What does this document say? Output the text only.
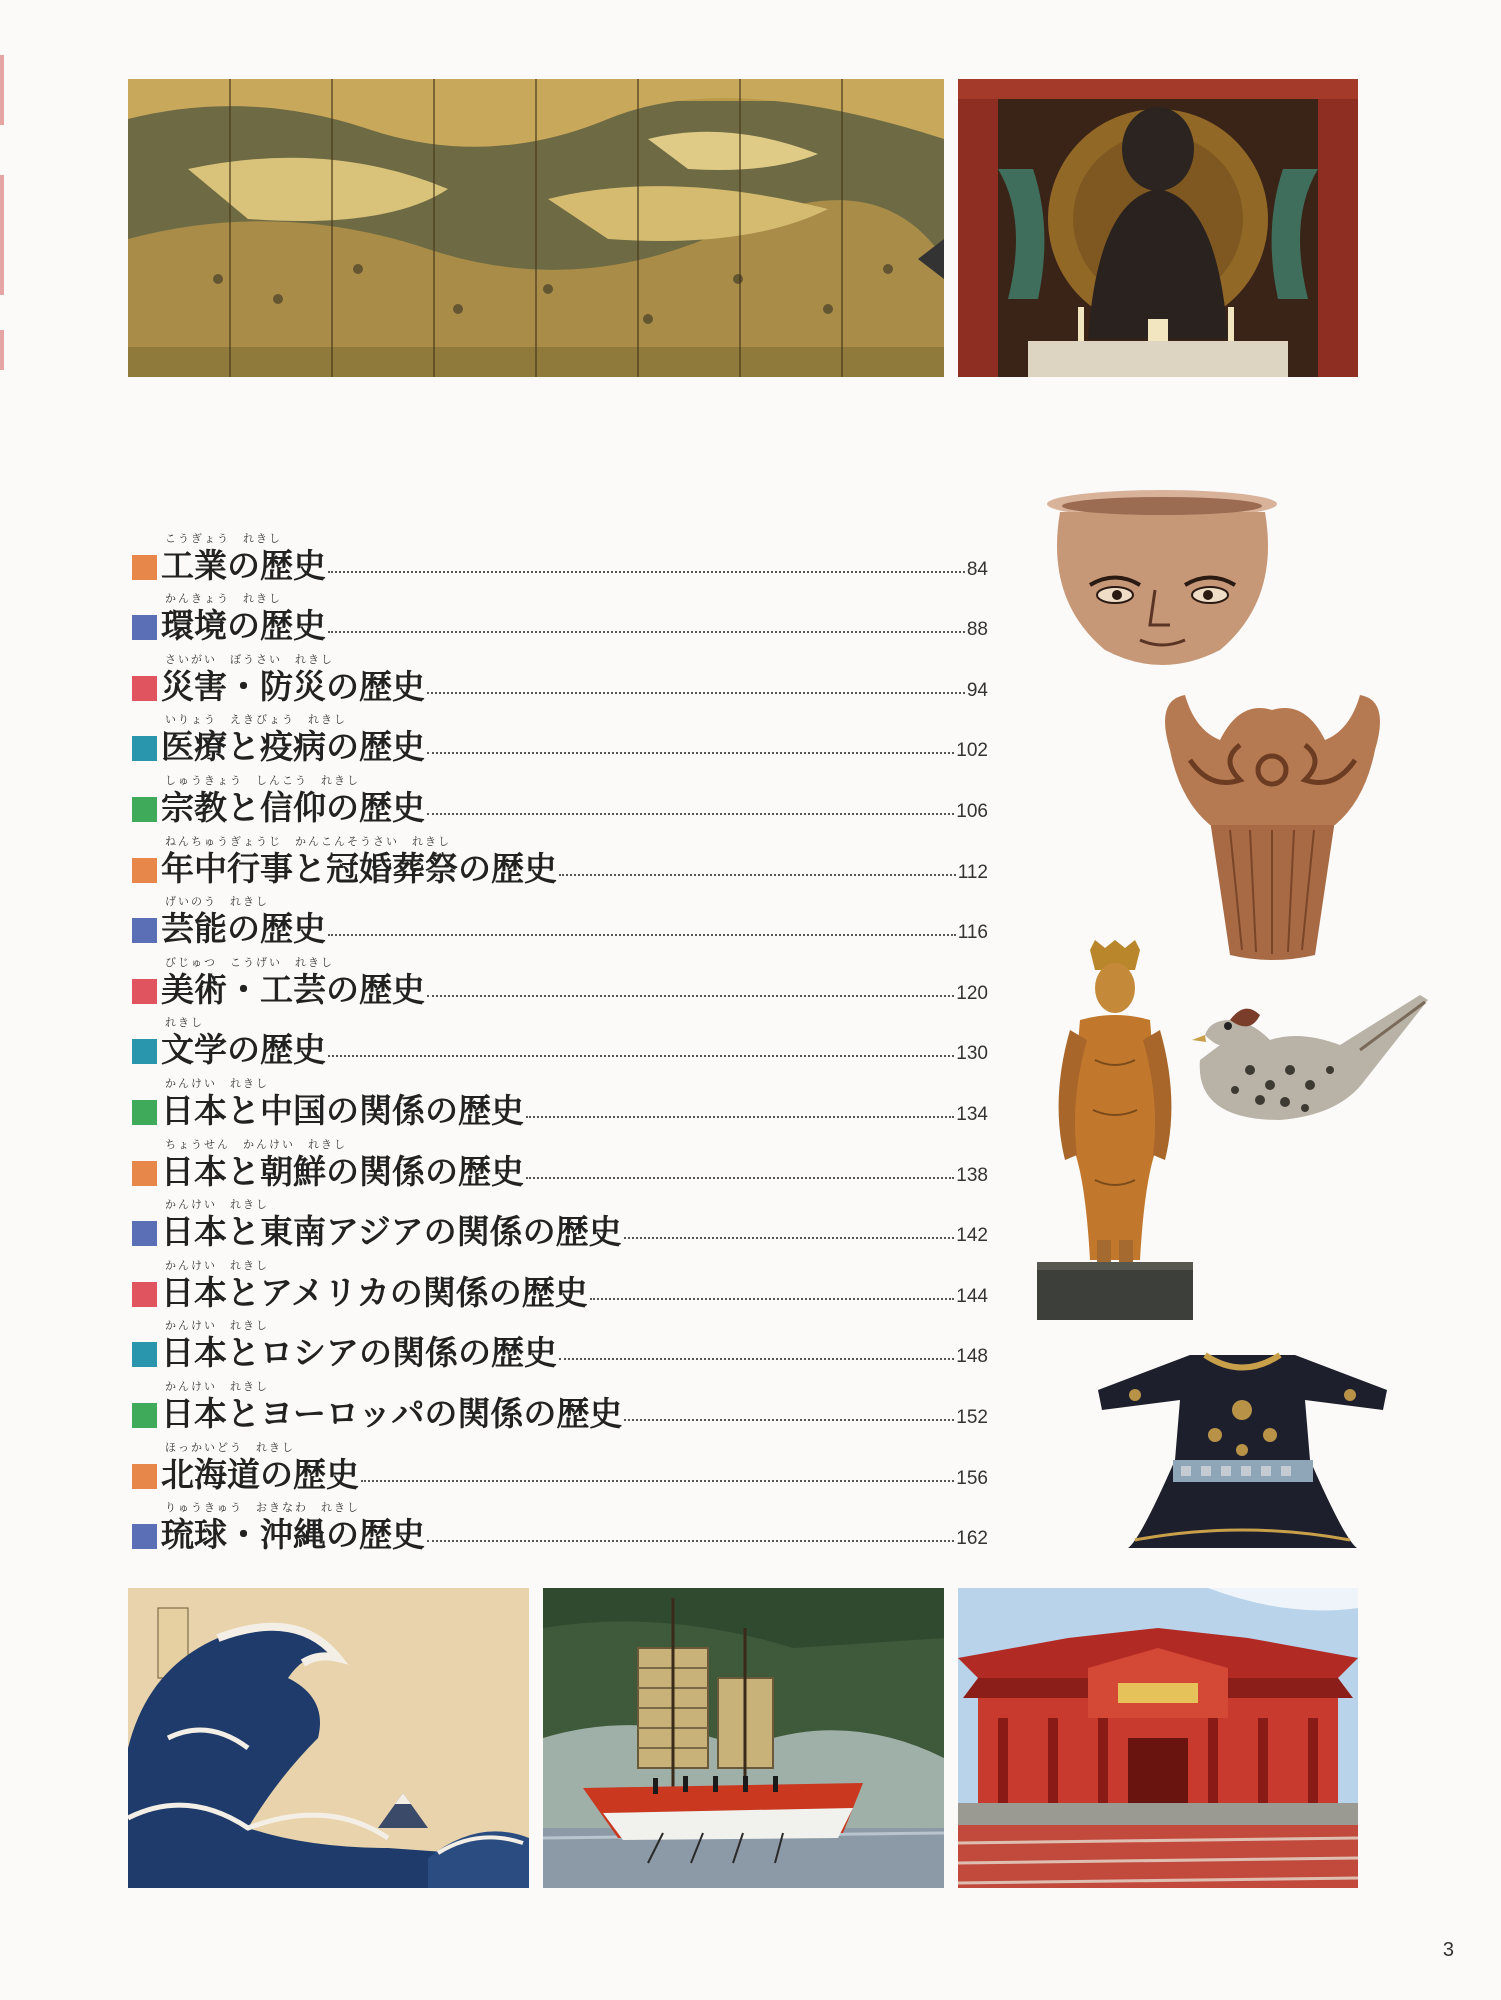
こうぎょう　れきし
工業の歴史	84
かんきょう　れきし
環境の歴史	88
さいがい　ぼうさい　れきし
災害・防災の歴史	94
いりょう　えきびょう　れきし
医療と疫病の歴史	102
しゅうきょう　しんこう　れきし
宗教と信仰の歴史	106
ねんちゅうぎょうじ　かんこんそうさい　れきし
年中行事と冠婚葬祭の歴史	112
げいのう　れきし
芸能の歴史	116
びじゅつ　こうげい　れきし
美術・工芸の歴史	120
れきし
文学の歴史	130
かんけい　れきし
日本と中国の関係の歴史	134
ちょうせん　かんけい　れきし
日本と朝鮮の関係の歴史	138
かんけい　れきし
日本と東南アジアの関係の歴史	142
かんけい　れきし
日本とアメリカの関係の歴史	144
かんけい　れきし
日本とロシアの関係の歴史	148
かんけい　れきし
日本とヨーロッパの関係の歴史	152
ほっかいどう　れきし
北海道の歴史	156
りゅうきゅう　おきなわ　れきし
琉球・沖縄の歴史	162
3
